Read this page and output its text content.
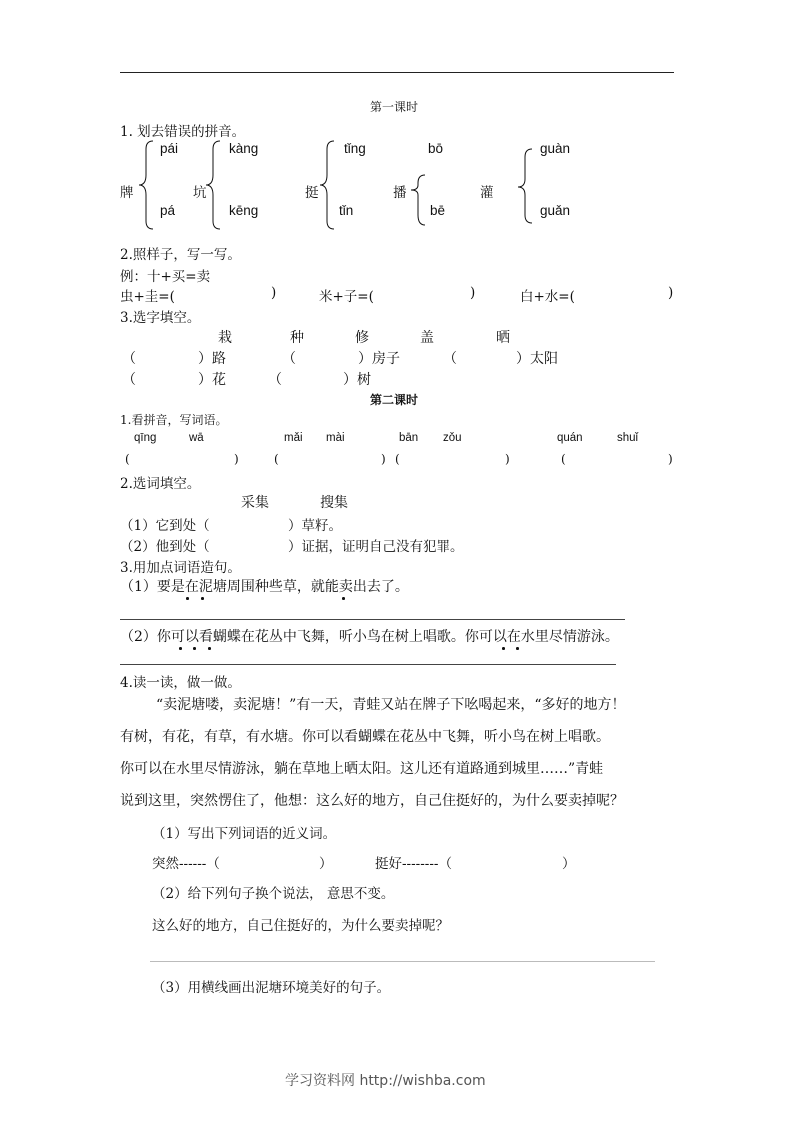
第一课时
1. 划去错误的拼音。
pái
pá
牌	坑
kàng
kēng
挺
tǐng
tǐn
bō
播
bē
guàn
灌
guǎn
2.照样子，写一写。
例：十+买=卖
虫+圭=(	)	米+子=(	)	白+水=(	)
3.选字填空。
栽	种	修	盖	晒
（	）路	（	）房子	（	）太阳
（	）花	（	）树
第二课时
1.看拼音，写词语。
qīng	wā	mǎi mài	bān zǒu	quán	shuǐ
(	)	(	) (	)	(	)
2.选词填空。
采集	搜集
（1）它到处（	）草籽。
（2）他到处（	）证据，证明自己没有犯罪。
3.用加点词语造句。
（1）要是在泥塘周围种些草，就能卖出去了。
（2）你可以看蝴蝶在花丛中飞舞，听小鸟在树上唱歌。你可以在水里尽情游泳。
4.读一读，做一做。
“卖泥塘喽，卖泥塘！”有一天，青蛙又站在牌子下吆喝起来，“多好的地方！
有树，有花，有草，有水塘。你可以看蝴蝶在花丛中飞舞，听小鸟在树上唱歌。
你可以在水里尽情游泳，躺在草地上晒太阳。这儿还有道路通到城里……”青蛙
说到这里，突然愣住了，他想：这么好的地方，自己住挺好的，为什么要卖掉呢？
（1）写出下列词语的近义词。
突然------（	）	挺好--------（	）
（2）给下列句子换个说法， 意思不变。
这么好的地方，自己住挺好的，为什么要卖掉呢？
（3）用横线画出泥塘环境美好的句子。
学习资料网 http://wishba.com
